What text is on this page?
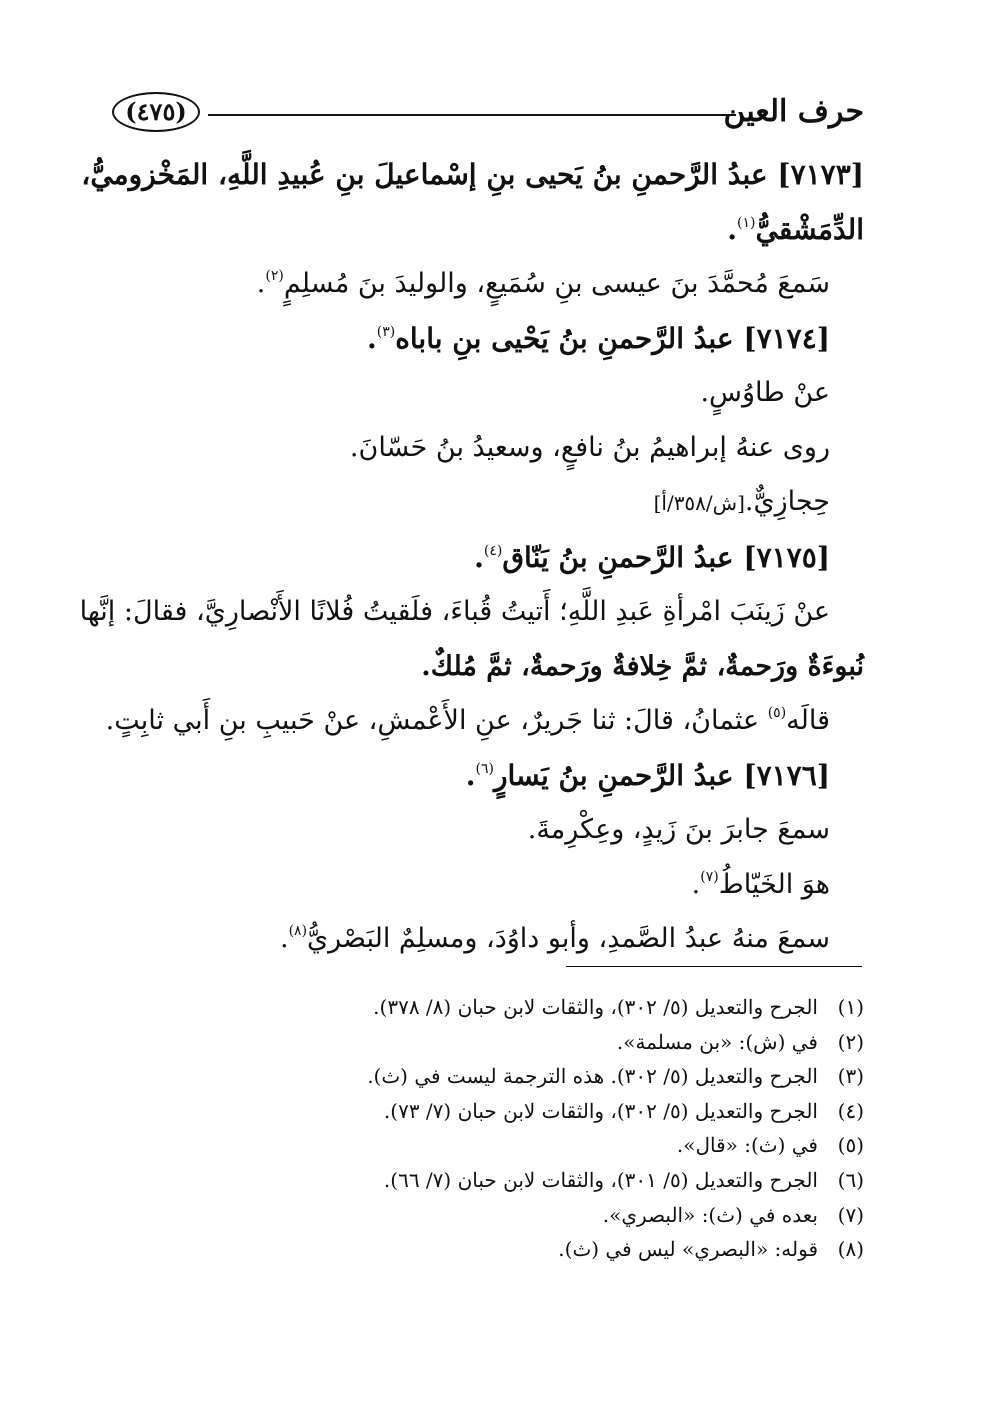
حرف العين
(٤٧٥)
[٧١٧٣] عبدُ الرَّحمنِ بنُ يَحيى بنِ إسْماعيلَ بنِ عُبيدِ اللَّهِ، المَخْزوميُّ،
الدِّمَشْقيُّ$^{(١)}$.
سَمعَ مُحمَّدَ بنَ عيسى بنِ سُمَيعٍ، والوليدَ بنَ مُسلِمٍ$^{(٢)}$.
[٧١٧٤] عبدُ الرَّحمنِ بنُ يَحْيى بنِ باباه$^{(٣)}$.
عنْ طاوُسٍ.
روى عنهُ إبراهيمُ بنُ نافعٍ، وسعيدُ بنُ حَسّانَ.
حِجازِيٌّ.[ش/٣٥٨/أ]
[٧١٧٥] عبدُ الرَّحمنِ بنُ يَنّاق$^{(٤)}$.
عنْ زَينَبَ امْرأةِ عَبدِ اللَّهِ؛ أَتيتُ قُباءَ، فلَقيتُ فُلانًا الأَنْصارِيَّ، فقالَ: إنَّها
نُبوءَةٌ ورَحمةٌ، ثمَّ خِلافةٌ ورَحمةٌ، ثمَّ مُلكٌ.
قالَه$^{(٥)}$ عثمانُ، قالَ: ثنا جَريرٌ، عنِ الأَعْمشِ، عنْ حَبيبِ بنِ أَبي ثابِتٍ.
[٧١٧٦] عبدُ الرَّحمنِ بنُ يَسارٍ$^{(٦)}$.
سمعَ جابرَ بنَ زَيدٍ، وعِكْرِمةَ.
هوَ الخَيّاطُ$^{(٧)}$.
سمعَ منهُ عبدُ الصَّمدِ، وأبو داوُدَ، ومسلِمٌ البَصْريُّ$^{(٨)}$.
(١)الجرح والتعديل (٥/ ٣٠٢)، والثقات لابن حبان (٨/ ٣٧٨).
(٢)في (ش): «بن مسلمة».
(٣)الجرح والتعديل (٥/ ٣٠٢). هذه الترجمة ليست في (ث).
(٤)الجرح والتعديل (٥/ ٣٠٢)، والثقات لابن حبان (٧/ ٧٣).
(٥)في (ث): «قال».
(٦)الجرح والتعديل (٥/ ٣٠١)، والثقات لابن حبان (٧/ ٦٦).
(٧)بعده في (ث): «البصري».
(٨)قوله: «البصري» ليس في (ث).
